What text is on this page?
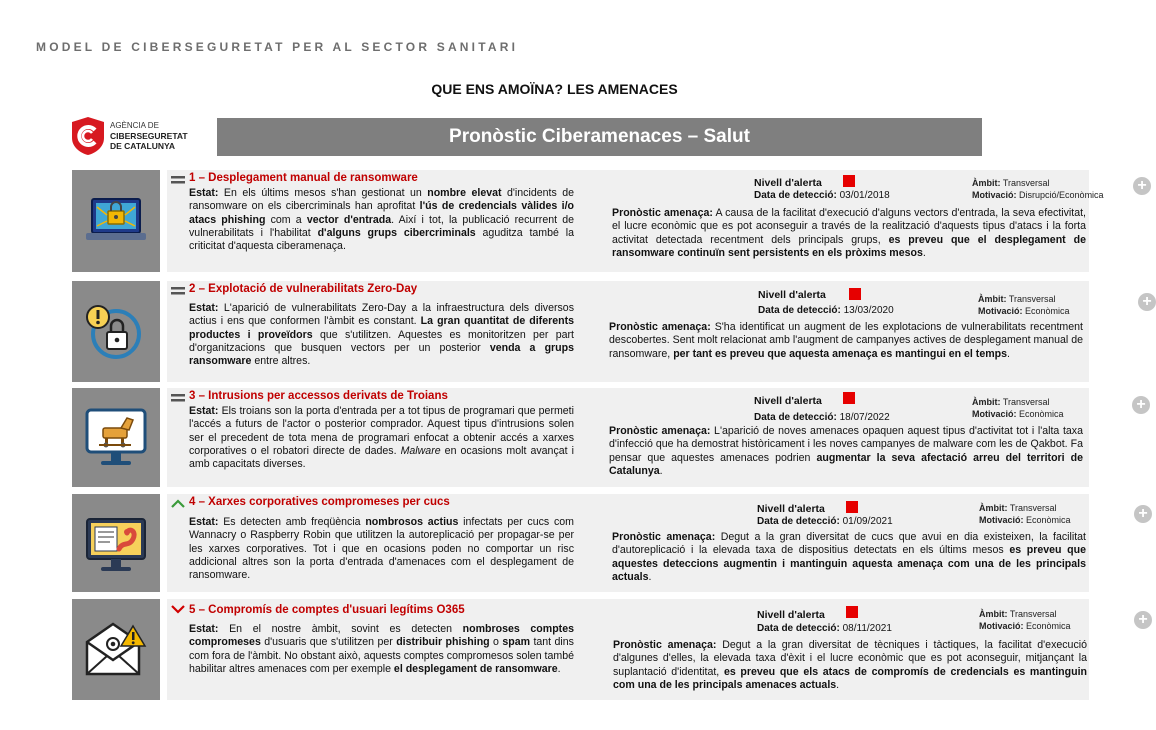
MODEL DE CIBERSEGURETAT PER AL SECTOR SANITARI
QUE ENS AMOÏNA? LES AMENACES
AGÈNCIA DE
CIBERSEGURETAT
DE CATALUNYA	Pronòstic Ciberamenaces – Salut
1 – Desplegament manual de ransomware
Estat: En els últims mesos s'han gestionat un nombre elevat d'incidents de ransomware on els cibercriminals han aprofitat l'ús de credencials vàlides i/o atacs phishing com a vector d'entrada. Així i tot, la publicació recurrent de vulnerabilitats i l'habilitat d'alguns grups cibercriminals aguditza també la criticitat d'aquesta ciberamenaça.
Nivell d'alerta
Data de detecció: 03/01/2018
Àmbit: Transversal
Motivació: Disrupció/Econòmica
+
Pronòstic amenaça: A causa de la facilitat d'execució d'alguns vectors d'entrada, la seva efectivitat, el lucre econòmic que es pot aconseguir a través de la realització d'aquests tipus d'atacs i la forta activitat detectada recentment dels principals grups, es preveu que el desplegament de ransomware continuïn sent persistents en els pròxims mesos.
2 – Explotació de vulnerabilitats Zero-Day
Estat: L'aparició de vulnerabilitats Zero-Day a la infraestructura dels diversos actius i ens que conformen l'àmbit es constant. La gran quantitat de diferents productes i proveïdors que s'utilitzen. Aquestes es monitoritzen per part d'organitzacions que busquen vectors per un posterior venda a grups ransomware entre altres.
Nivell d'alerta
Data de detecció: 13/03/2020
Àmbit: Transversal
Motivació: Econòmica
+
Pronòstic amenaça: S'ha identificat un augment de les explotacions de vulnerabilitats recentment descobertes. Sent molt relacionat amb l'augment de campanyes actives de desplegament manual de ransomware, per tant es preveu que aquesta amenaça es mantingui en el temps.
3 – Intrusions per accessos derivats de Troians
Estat: Els troians son la porta d'entrada per a tot tipus de programari que permeti l'accés a futurs de l'actor o posterior comprador. Aquest tipus d'intrusions solen ser el precedent de tota mena de programari enfocat a obtenir accés a xarxes corporatives o el robatori directe de dades. Malware en ocasions molt avançat i amb capacitats diverses.
Nivell d'alerta
Data de detecció: 18/07/2022
Àmbit: Transversal
Motivació: Econòmica
+
Pronòstic amenaça: L'aparició de noves amenaces opaquen aquest tipus d'activitat tot i l'alta taxa d'infecció que ha demostrat històricament i les noves campanyes de malware com les de Qakbot. Fa pensar que aquestes amenaces podrien augmentar la seva afectació arreu del territori de Catalunya.
4 – Xarxes corporatives compromeses per cucs
Estat: Es detecten amb freqüència nombrosos actius infectats per cucs com Wannacry o Raspberry Robin que utilitzen la autoreplicació per propagar-se per les xarxes corporatives. Tot i que en ocasions poden no comportar un risc addicional altres son la porta d'entrada d'amenaces com el desplegament de ransomware.
Nivell d'alerta
Data de detecció: 01/09/2021
Àmbit: Transversal
Motivació: Econòmica	+
Pronòstic amenaça: Degut a la gran diversitat de cucs que avui en dia existeixen, la facilitat d'autoreplicació i la elevada taxa de dispositius detectats en els últims mesos es preveu que aquestes deteccions augmentin i mantinguin aquesta amenaça com una de les principals actuals.
5 – Compromís de comptes d'usuari legítims O365
Estat: En el nostre àmbit, sovint es detecten nombroses comptes compromeses d'usuaris que s'utilitzen per distribuir phishing o spam tant dins com fora de l'àmbit. No obstant això, aquests comptes compromesos solen també habilitar altres amenaces com per exemple el desplegament de ransomware.
Nivell d'alerta
Data de detecció: 08/11/2021
Àmbit: Transversal
Motivació: Econòmica	+
Pronòstic amenaça: Degut a la gran diversitat de tècniques i tàctiques, la facilitat d'execució d'algunes d'elles, la elevada taxa d'èxit i el lucre econòmic que es pot aconseguir, mitjançant la suplantació d'identitat, es preveu que els atacs de compromís de credencials es mantinguin com una de les principals amenaces actuals.
